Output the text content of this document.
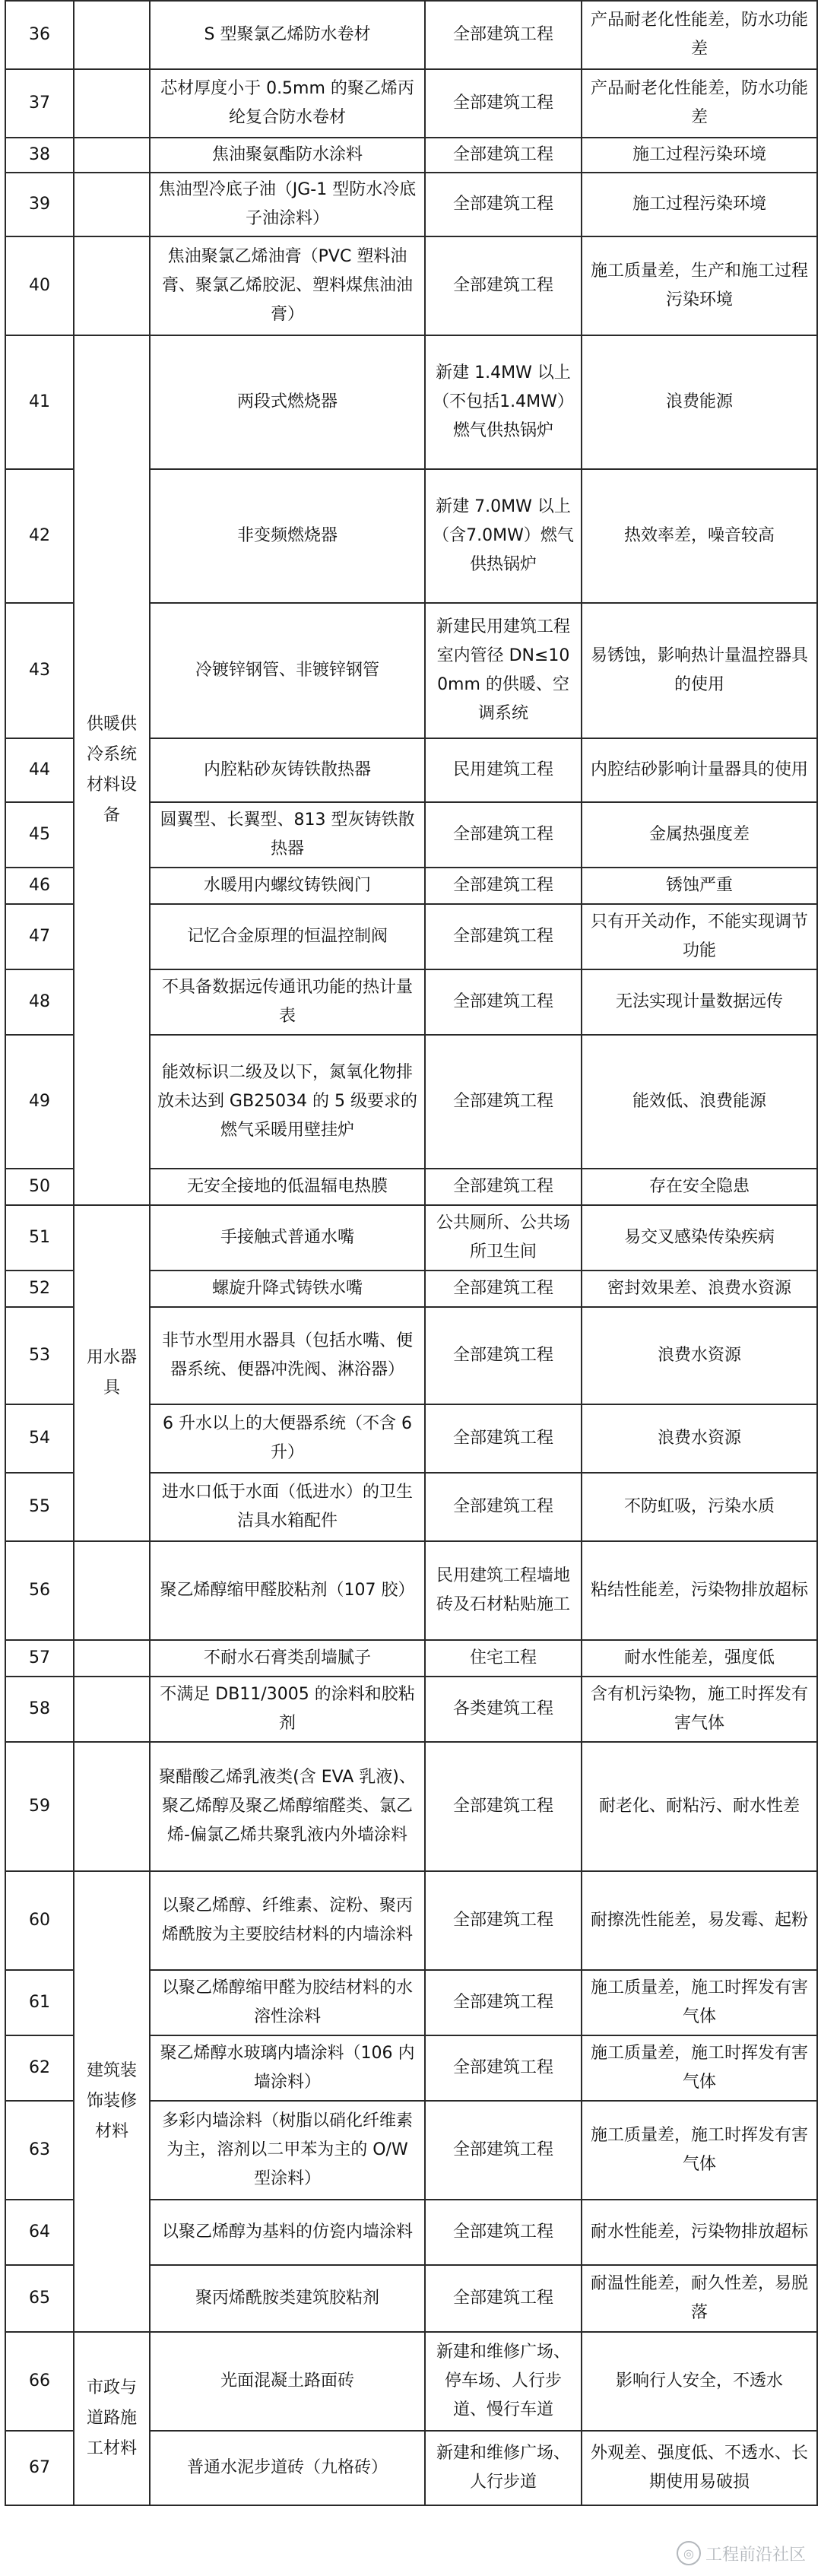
36		S 型聚氯乙烯防水卷材	全部建筑工程	产品耐老化性能差，防水功能差
37		芯材厚度小于 0.5mm 的聚乙烯丙纶复合防水卷材	全部建筑工程	产品耐老化性能差，防水功能差
38		焦油聚氨酯防水涂料	全部建筑工程	施工过程污染环境
39		焦油型冷底子油（JG-1 型防水冷底子油涂料）	全部建筑工程	施工过程污染环境
40		焦油聚氯乙烯油膏（PVC 塑料油膏、聚氯乙烯胶泥、塑料煤焦油油膏）	全部建筑工程	施工质量差，生产和施工过程污染环境
41	供暖供冷系统材料设备	两段式燃烧器	新建 1.4MW 以上（不包括1.4MW）燃气供热锅炉	浪费能源
42		非变频燃烧器	新建 7.0MW 以上（含7.0MW）燃气供热锅炉	热效率差，噪音较高
43		冷镀锌钢管、非镀锌钢管	新建民用建筑工程室内管径 DN≤100mm 的供暖、空调系统	易锈蚀，影响热计量温控器具的使用
44		内腔粘砂灰铸铁散热器	民用建筑工程	内腔结砂影响计量器具的使用
45		圆翼型、长翼型、813 型灰铸铁散热器	全部建筑工程	金属热强度差
46		水暖用内螺纹铸铁阀门	全部建筑工程	锈蚀严重
47		记忆合金原理的恒温控制阀	全部建筑工程	只有开关动作，不能实现调节功能
48		不具备数据远传通讯功能的热计量表	全部建筑工程	无法实现计量数据远传
49		能效标识二级及以下，氮氧化物排放未达到 GB25034 的 5 级要求的燃气采暖用壁挂炉	全部建筑工程	能效低、浪费能源
50		无安全接地的低温辐电热膜	全部建筑工程	存在安全隐患
51	用水器具	手接触式普通水嘴	公共厕所、公共场所卫生间	易交叉感染传染疾病
52		螺旋升降式铸铁水嘴	全部建筑工程	密封效果差、浪费水资源
53		非节水型用水器具（包括水嘴、便器系统、便器冲洗阀、淋浴器）	全部建筑工程	浪费水资源
54		6 升水以上的大便器系统（不含 6 升）	全部建筑工程	浪费水资源
55		进水口低于水面（低进水）的卫生洁具水箱配件	全部建筑工程	不防虹吸，污染水质
56		聚乙烯醇缩甲醛胶粘剂（107 胶）	民用建筑工程墙地砖及石材粘贴施工	粘结性能差，污染物排放超标
57		不耐水石膏类刮墙腻子	住宅工程	耐水性能差，强度低
58		不满足 DB11/3005 的涂料和胶粘剂	各类建筑工程	含有机污染物，施工时挥发有害气体
59		聚醋酸乙烯乳液类(含 EVA 乳液)、聚乙烯醇及聚乙烯醇缩醛类、氯乙烯-偏氯乙烯共聚乳液内外墙涂料	全部建筑工程	耐老化、耐粘污、耐水性差
60	建筑装饰装修材料	以聚乙烯醇、纤维素、淀粉、聚丙烯酰胺为主要胶结材料的内墙涂料	全部建筑工程	耐擦洗性能差，易发霉、起粉
61		以聚乙烯醇缩甲醛为胶结材料的水溶性涂料	全部建筑工程	施工质量差，施工时挥发有害气体
62		聚乙烯醇水玻璃内墙涂料（106 内墙涂料）	全部建筑工程	施工质量差，施工时挥发有害气体
63		多彩内墙涂料（树脂以硝化纤维素为主，溶剂以二甲苯为主的 O/W 型涂料）	全部建筑工程	施工质量差，施工时挥发有害气体
64		以聚乙烯醇为基料的仿瓷内墙涂料	全部建筑工程	耐水性能差，污染物排放超标
65		聚丙烯酰胺类建筑胶粘剂	全部建筑工程	耐温性能差，耐久性差，易脱落
66	市政与道路施工材料	光面混凝土路面砖	新建和维修广场、停车场、人行步道、慢行车道	影响行人安全，不透水
67		普通水泥步道砖（九格砖）	新建和维修广场、人行步道	外观差、强度低、不透水、长期使用易破损
◎ 工程前沿社区
